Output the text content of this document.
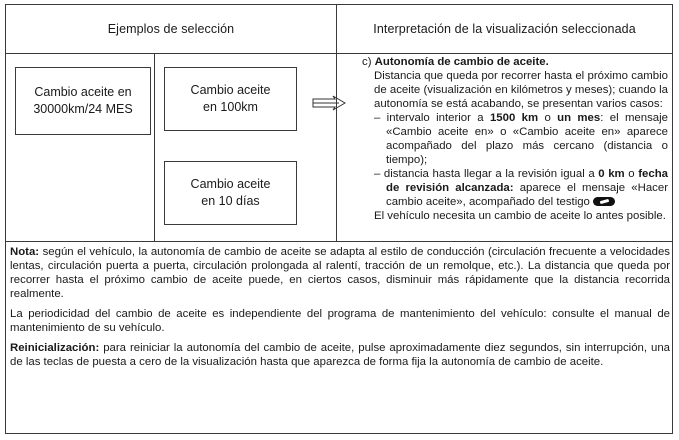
Ejemplos de selección	Interpretación de la visualización seleccionada
Cambio aceite en
30000km/24 MES
Cambio aceite
en 100km
Cambio aceite
en 10 días

c) Autonomía de cambio de aceite.

Distancia que queda por recorrer hasta el próximo cambio de aceite (visualización en kilómetros y meses); cuando la autonomía se está acabando, se presentan varios casos:

– intervalo interior a 1500 km o un mes: el mensaje «Cambio aceite en» o «Cambio aceite en» aparece acompañado del plazo más cercano (distancia o tiempo);

– distancia hasta llegar a la revisión igual a 0 km o fecha de revisión alcanzada: aparece el mensaje «Hacer cambio aceite», acompañado del testigo

El vehículo necesita un cambio de aceite lo antes posible.

Nota: según el vehículo, la autonomía de cambio de aceite se adapta al estilo de conducción (circulación frecuente a velocidades lentas, circulación puerta a puerta, circulación prolongada al ralentí, tracción de un remolque, etc.). La distancia que queda por recorrer hasta el próximo cambio de aceite puede, en ciertos casos, disminuir más rápidamente que la distancia recorrida realmente.

La periodicidad del cambio de aceite es independiente del programa de mantenimiento del vehículo: consulte el manual de mantenimiento de su vehículo.

Reinicialización: para reiniciar la autonomía del cambio de aceite, pulse aproximadamente diez segundos, sin interrupción, una de las teclas de puesta a cero de la visualización hasta que aparezca de forma fija la autonomía de cambio de aceite.
